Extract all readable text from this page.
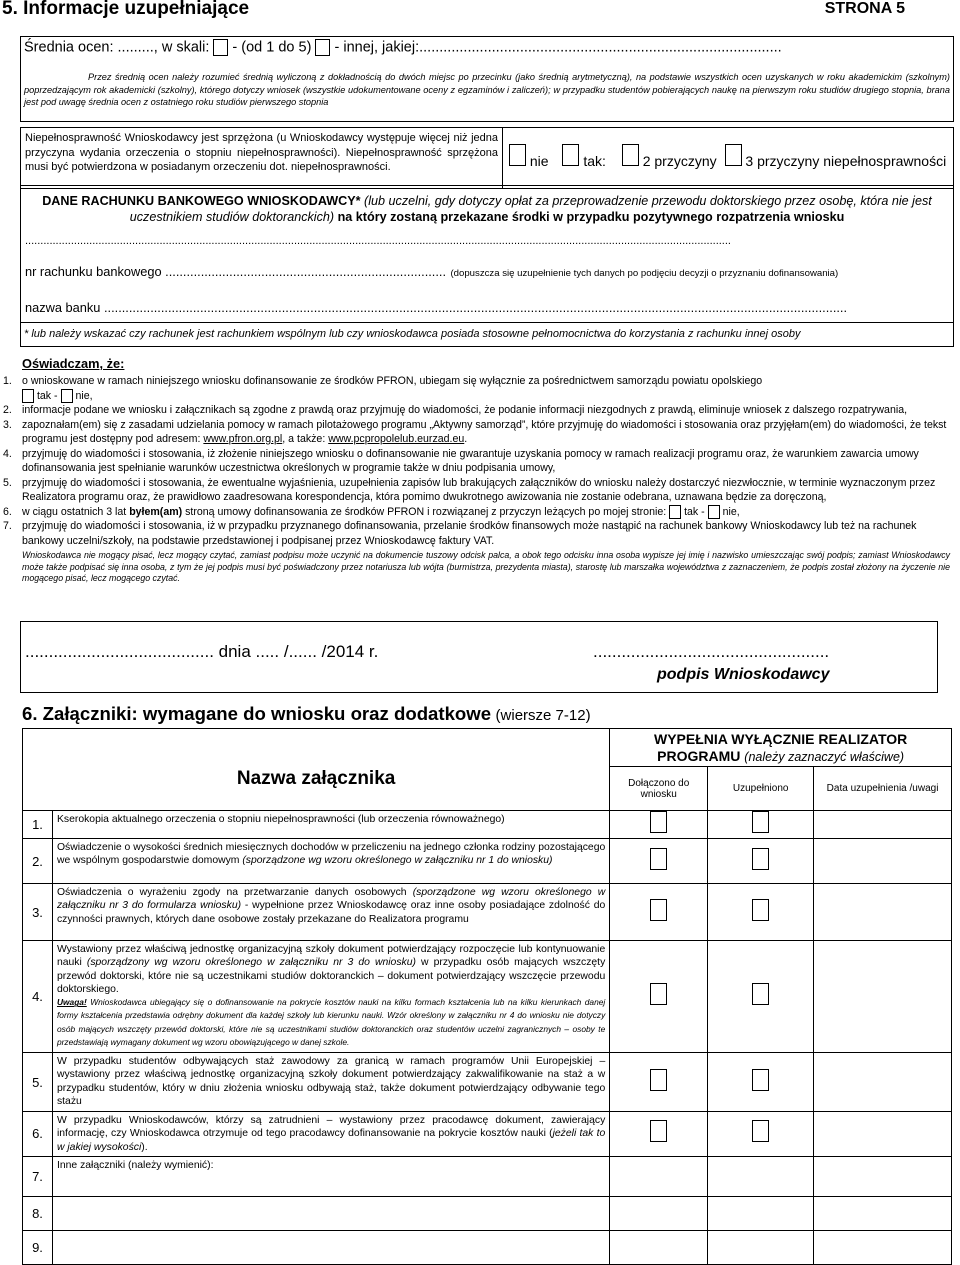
5. Informacje uzupełniające	STRONA 5
Średnia ocen: ........., w skali: - (od 1 do 5) - innej, jakiej:..........................................................................................
Przez średnią ocen należy rozumieć średnią wyliczoną z dokładnością do dwóch miejsc po przecinku (jako średnią arytmetyczną), na podstawie wszystkich ocen uzyskanych w roku akademickim (szkolnym) poprzedzającym rok akademicki (szkolny), którego dotyczy wniosek (wszystkie udokumentowane oceny z egzaminów i zaliczeń); w przypadku studentów pobierających naukę na pierwszym roku studiów drugiego stopnia, brana jest pod uwagę średnia ocen z ostatniego roku studiów pierwszego stopnia
Niepełnosprawność Wnioskodawcy jest sprzężona (u Wnioskodawcy występuje więcej niż jedna przyczyna wydania orzeczenia o stopniu niepełnosprawności). Niepełnosprawność sprzężona musi być potwierdzona w posiadanym orzeczeniu dot. niepełnosprawności.	nie tak:	2 przyczyny 3 przyczyny niepełnosprawności
DANE RACHUNKU BANKOWEGO WNIOSKODAWCY* (lub uczelni, gdy dotyczy opłat za przeprowadzenie przewodu doktorskiego przez osobę, która nie jest uczestnikiem studiów doktoranckich) na który zostaną przekazane środki w przypadku pozytywnego rozpatrzenia wniosku
.......................................................................................................................................................................................................................................
nr rachunku bankowego ............................................................................... (dopuszcza się uzupełnienie tych danych po podjęciu decyzji o przyznaniu dofinansowania)
nazwa banku .................................................................................................................................................................................................................
* lub należy wskazać czy rachunek jest rachunkiem wspólnym lub czy wnioskodawca posiada stosowne pełnomocnictwa do korzystania z rachunku innej osoby
Oświadczam, że:
1. o wnioskowane w ramach niniejszego wniosku dofinansowanie ze środków PFRON, ubiegam się wyłącznie za pośrednictwem samorządu powiatu opolskiego
tak - nie,
2. informacje podane we wniosku i załącznikach są zgodne z prawdą oraz przyjmuję do wiadomości, że podanie informacji niezgodnych z prawdą, eliminuje wniosek z dalszego rozpatrywania,
3. zapoznałam(em) się z zasadami udzielania pomocy w ramach pilotażowego programu „Aktywny samorząd”, które przyjmuję do wiadomości i stosowania oraz przyjęłam(em) do wiadomości, że tekst programu jest dostępny pod adresem: www.pfron.org.pl, a także: www.pcpropolelub.eurzad.eu.
4. przyjmuję do wiadomości i stosowania, iż złożenie niniejszego wniosku o dofinansowanie nie gwarantuje uzyskania pomocy w ramach realizacji programu oraz, że warunkiem zawarcia umowy dofinansowania jest spełnianie warunków uczestnictwa określonych w programie także w dniu podpisania umowy,
5. przyjmuję do wiadomości i stosowania, że ewentualne wyjaśnienia, uzupełnienia zapisów lub brakujących załączników do wniosku należy dostarczyć niezwłocznie, w terminie wyznaczonym przez Realizatora programu oraz, że prawidłowo zaadresowana korespondencja, która pomimo dwukrotnego awizowania nie zostanie odebrana, uznawana będzie za doręczoną,
6. w ciągu ostatnich 3 lat byłem(am) stroną umowy dofinansowania ze środków PFRON i rozwiązanej z przyczyn leżących po mojej stronie: tak - nie,
7. przyjmuję do wiadomości i stosowania, iż w przypadku przyznanego dofinansowania, przelanie środków finansowych może nastąpić na rachunek bankowy Wnioskodawcy lub też na rachunek bankowy uczelni/szkoły, na podstawie przedstawionej i podpisanej przez Wnioskodawcę faktury VAT.
Wnioskodawca nie mogący pisać, lecz mogący czytać, zamiast podpisu może uczynić na dokumencie tuszowy odcisk palca, a obok tego odcisku inna osoba wypisze jej imię i nazwisko umieszczając swój podpis; zamiast Wnioskodawcy może także podpisać się inna osoba, z tym że jej podpis musi być poświadczony przez notariusza lub wójta (burmistrza, prezydenta miasta), starostę lub marszałka województwa z zaznaczeniem, że podpis został złożony na życzenie nie mogącego pisać, lecz mogącego czytać.
........................................ dnia ..... /...... /2014 r.	..................................................
podpis Wnioskodawcy
6. Załączniki: wymagane do wniosku oraz dodatkowe (wiersze 7-12)
Nazwa załącznika		WYPEŁNIA WYŁĄCZNIE REALIZATOR
PROGRAMU (należy zaznaczyć właściwe)		
		Dołączono do wniosku	Uzupełniono	Data uzupełnienia /uwagi
1.	Kserokopia aktualnego orzeczenia o stopniu niepełnosprawności (lub orzeczenia równoważnego)			
2.	Oświadczenie o wysokości średnich miesięcznych dochodów w przeliczeniu na jednego członka rodziny pozostającego we wspólnym gospodarstwie domowym (sporządzone wg wzoru określonego w załączniku nr 1 do wniosku)			
3.	Oświadczenia o wyrażeniu zgody na przetwarzanie danych osobowych (sporządzone wg wzoru określonego w załączniku nr 3 do formularza wniosku) - wypełnione przez Wnioskodawcę oraz inne osoby posiadające zdolność do czynności prawnych, których dane osobowe zostały przekazane do Realizatora programu			
4.	Wystawiony przez właściwą jednostkę organizacyjną szkoły dokument potwierdzający rozpoczęcie lub kontynuowanie nauki (sporządzony wg wzoru określonego w załączniku nr 3 do wniosku) w przypadku osób mających wszczęty przewód doktorski, które nie są uczestnikami studiów doktoranckich – dokument potwierdzający wszczęcie przewodu doktorskiego.
Uwaga! Wnioskodawca ubiegający się o dofinansowanie na pokrycie kosztów nauki na kilku formach kształcenia lub na kilku kierunkach danej formy kształcenia przedstawia odrębny dokument dla każdej szkoły lub kierunku nauki. Wzór określony w załączniku nr 4 do wniosku nie dotyczy osób mających wszczęty przewód doktorski, które nie są uczestnikami studiów doktoranckich oraz studentów uczelni zagranicznych – osoby te przedstawiają wymagany dokument wg wzoru obowiązującego w danej szkole.			
5.	W przypadku studentów odbywających staż zawodowy za granicą w ramach programów Unii Europejskiej – wystawiony przez właściwą jednostkę organizacyjną szkoły dokument potwierdzający zakwalifikowanie na staż a w przypadku studentów, który w dniu złożenia wniosku odbywają staż, także dokument potwierdzający odbywanie tego stażu			
6.	W przypadku Wnioskodawców, którzy są zatrudnieni – wystawiony przez pracodawcę dokument, zawierający informację, czy Wnioskodawca otrzymuje od tego pracodawcy dofinansowanie na pokrycie kosztów nauki (jeżeli tak to w jakiej wysokości).			
7.	Inne załączniki (należy wymienić):			
8.				
9.				
